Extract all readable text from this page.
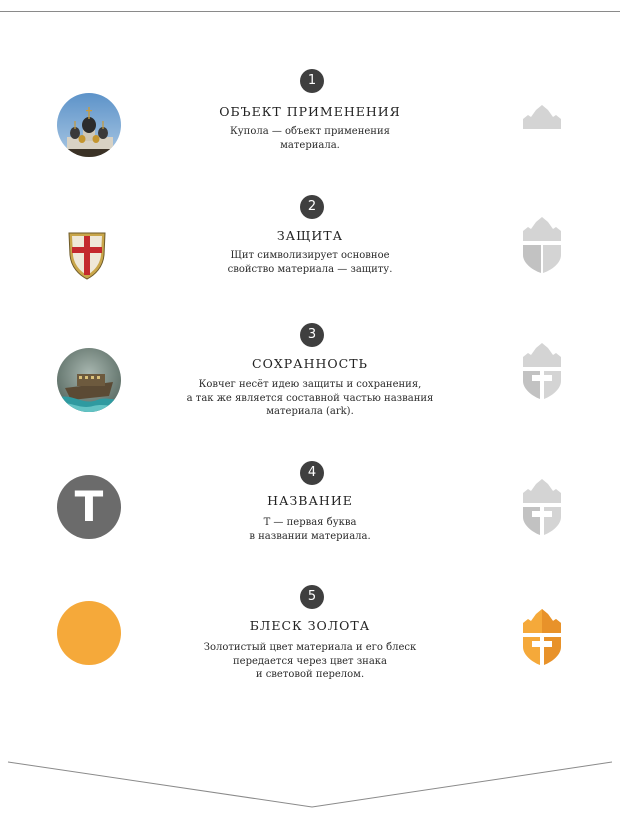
1
ОБЪЕКТ ПРИМЕНЕНИЯ
Купола — объект применения
материала.
2
ЗАЩИТА
Щит символизирует основное
свойство материала — защиту.
3
СОХРАННОСТЬ
Ковчег несёт идею защиты и сохранения,
а так же является составной частью названия
материала (ark).
4
НАЗВАНИЕ
Т — первая буква
в названии материала.
T
5
БЛЕСК ЗОЛОТА
Золотистый цвет материала и его блеск
передается через цвет знака
и световой перелом.
